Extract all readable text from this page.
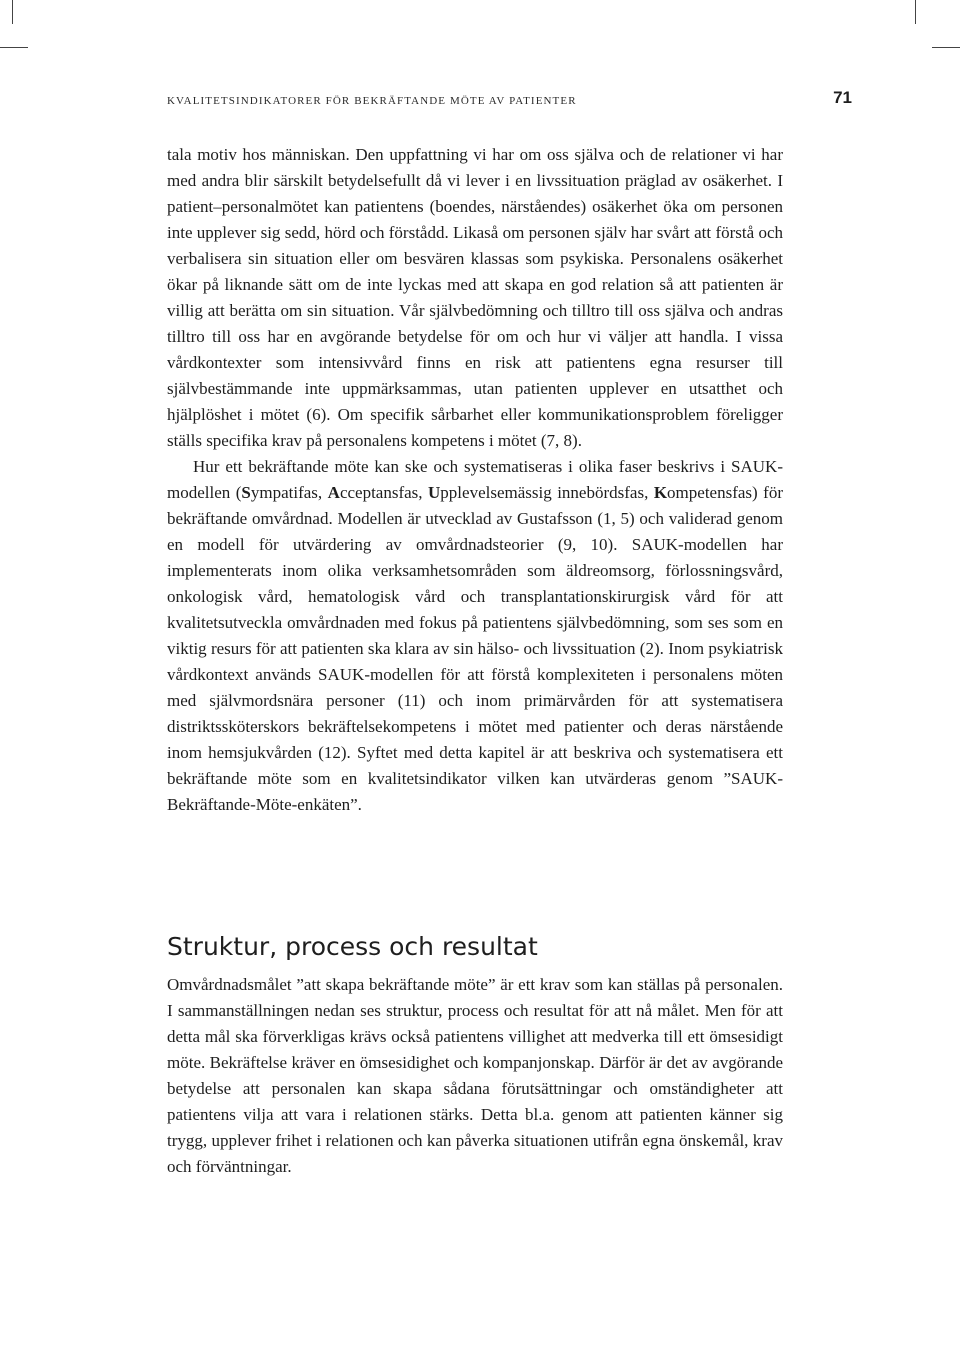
KVALITETSINDIKATORER FÖR BEKRÄFTANDE MÖTE AV PATIENTER	71

tala motiv hos människan. Den uppfattning vi har om oss själva och de relationer vi har med andra blir särskilt betydelsefullt då vi lever i en livssituation präglad av osäkerhet. I patient–personalmötet kan patientens (boendes, närståendes) osäkerhet öka om personen inte upplever sig sedd, hörd och förstådd. Likaså om personen själv har svårt att förstå och verbalisera sin situation eller om besvären klassas som psykiska. Personalens osäkerhet ökar på liknande sätt om de inte lyckas med att skapa en god relation så att patienten är villig att berätta om sin situation. Vår självbedömning och tilltro till oss själva och andras tilltro till oss har en avgörande betydelse för om och hur vi väljer att handla. I vissa vårdkontexter som intensivvård finns en risk att patientens egna resurser till självbestämmande inte uppmärksammas, utan patienten upplever en utsatthet och hjälplöshet i mötet (6). Om specifik sårbarhet eller kommunikationsproblem föreligger ställs specifika krav på personalens kompetens i mötet (7, 8).

Hur ett bekräftande möte kan ske och systematiseras i olika faser beskrivs i SAUK-modellen (Sympatifas, Acceptansfas, Upplevelsemässig innebördsfas, Kompetensfas) för bekräftande omvårdnad. Modellen är utvecklad av Gustafsson (1, 5) och validerad genom en modell för utvärdering av omvårdnadsteorier (9, 10). SAUK-modellen har implementerats inom olika verksamhetsområden som äldreomsorg, förlossningsvård, onkologisk vård, hematologisk vård och transplantationskirurgisk vård för att kvalitetsutveckla omvårdnaden med fokus på patientens självbedömning, som ses som en viktig resurs för att patienten ska klara av sin hälso- och livssituation (2). Inom psykiatrisk vårdkontext används SAUK-modellen för att förstå komplexiteten i personalens möten med självmordsnära personer (11) och inom primärvården för att systematisera distriktssköterskors bekräftelsekompetens i mötet med patienter och deras närstående inom hemsjukvården (12). Syftet med detta kapitel är att beskriva och systematisera ett bekräftande möte som en kvalitetsindikator vilken kan utvärderas genom ”SAUK-Bekräftande-Möte-enkäten”.

Struktur, process och resultat

Omvårdnadsmålet ”att skapa bekräftande möte” är ett krav som kan ställas på personalen. I sammanställningen nedan ses struktur, process och resultat för att nå målet. Men för att detta mål ska förverkligas krävs också patientens villighet att medverka till ett ömsesidigt möte. Bekräftelse kräver en ömsesidighet och kompanjonskap. Därför är det av avgörande betydelse att personalen kan skapa sådana förutsättningar och omständigheter att patientens vilja att vara i relationen stärks. Detta bl.a. genom att patienten känner sig trygg, upplever frihet i relationen och kan påverka situationen utifrån egna önskemål, krav och förväntningar.
